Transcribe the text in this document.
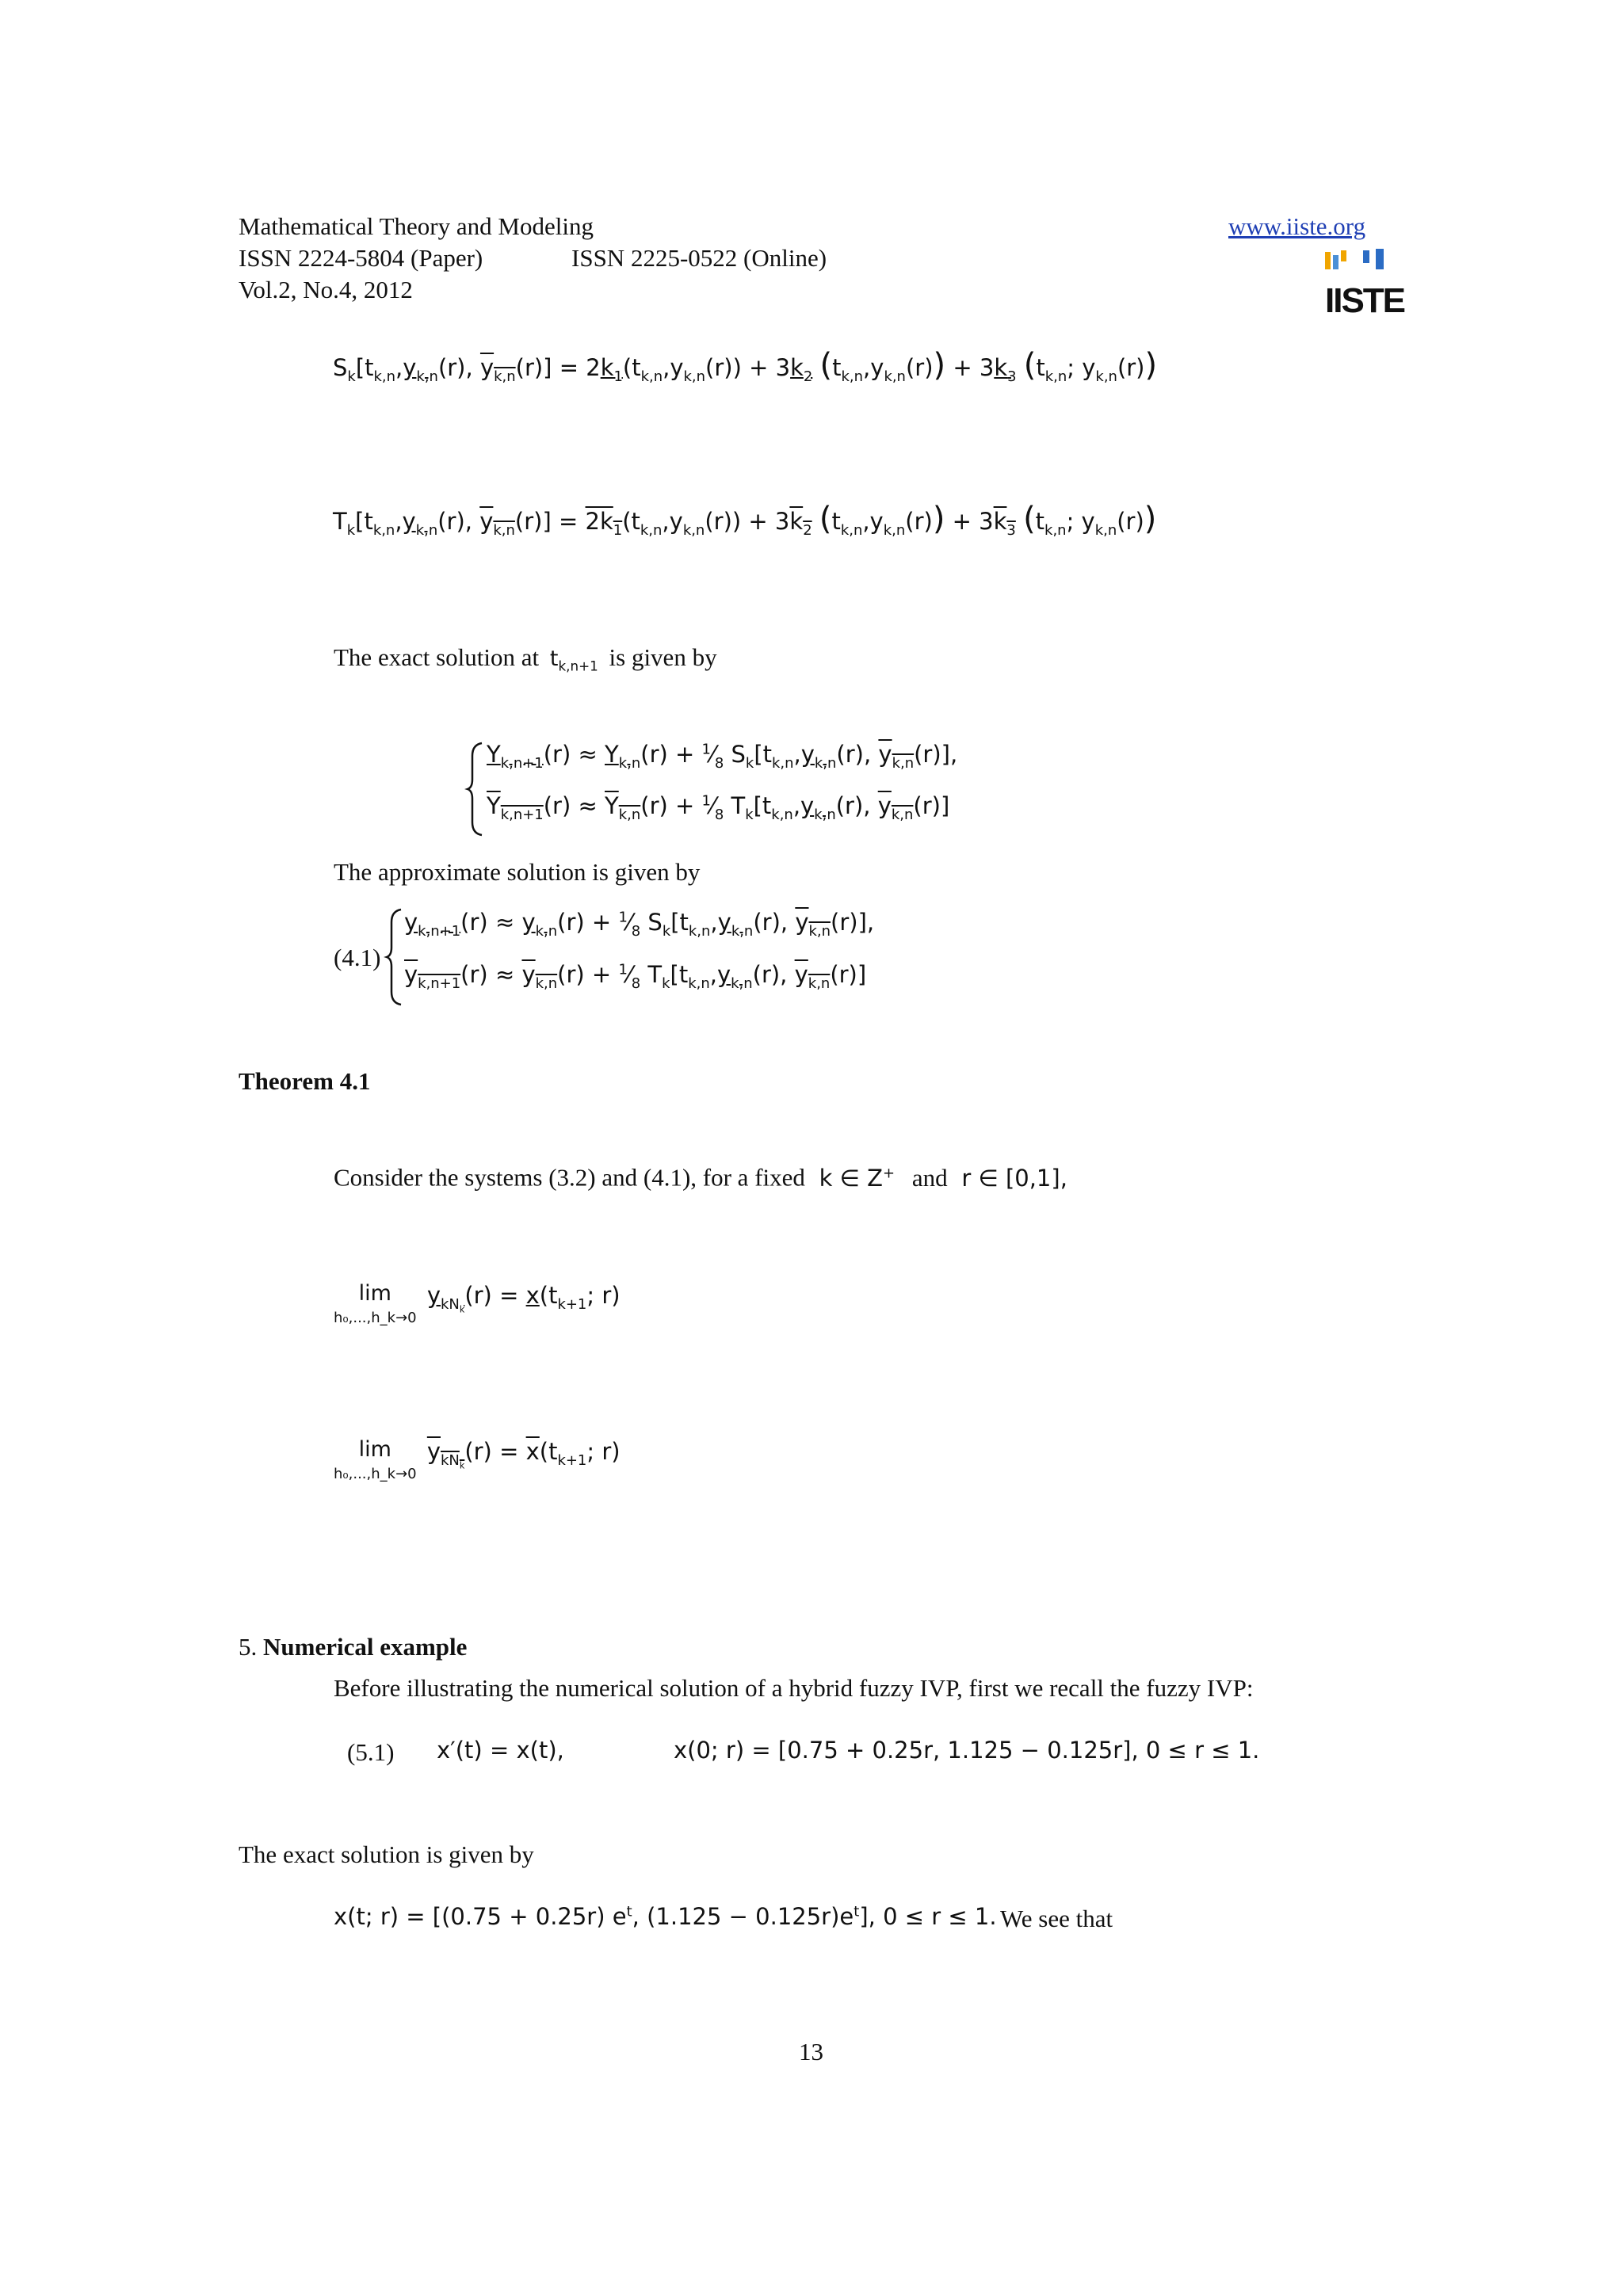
Mathematical Theory and Modeling
ISSN 2224-5804 (Paper)	ISSN 2225-0522 (Online)
Vol.2, No.4, 2012
www.iiste.org
IISTE
$S_k[t_{k,n},y_{k,n}(r)$, $y_{k,n}(r)] = 2k_1(t_{k,n},y_{k,n}(r)) + 3k_2$ $(t_{k,n},y_{k,n}(r)) + 3k_3$ ($t_{k,n}$; $y_{k,n}(r)$)
$T_k[t_{k,n},y_{k,n}(r)$, $y_{k,n}(r)] = 2k_1(t_{k,n},y_{k,n}(r)) + 3k_2$ $(t_{k,n},y_{k,n}(r)) + 3k_3$ ($t_{k,n}$; $y_{k,n}(r)$)
The exact solution at $t_{k,n+1}$ is given by
$Y_{k,n+1}(r) \approx Y_{k,n}(r)$ + $^1⁄_8$ $S_k[t_{k,n},y_{k,n}(r)$, $y_{k,n}(r)$],
$Y_{k,n+1}(r) \approx Y_{k,n}(r)$ + $^1⁄_8$ $T_k[t_{k,n},y_{k,n}(r)$, $y_{k,n}(r)$]
The approximate solution is given by
(4.1)
$y_{k,n+1}(r) \approx y_{k,n}(r)$ + $^1⁄_8$ $S_k[t_{k,n},y_{k,n}(r)$, $y_{k,n}(r)$],
$y_{k,n+1}(r) \approx y_{k,n}(r)$ + $^1⁄_8$ $T_k[t_{k,n},y_{k,n}(r)$, $y_{k,n}(r)$]
Theorem 4.1
Consider the systems (3.2) and (4.1), for a fixed k ∈ Z+ and r ∈ [0,1],
lim
h₀,...,h_k→0 $y_{kN_k}(r) = x(t_{k+1}$; r)
lim
h₀,...,h_k→0 $y_{kN_k}(r) = \overline{x}(t_{k+1}$; r)
5. Numerical example
Before illustrating the numerical solution of a hybrid fuzzy IVP, first we recall the fuzzy IVP:
(5.1) x′(t) = x(t),	x(0; r) = [0.75 + 0.25r, 1.125 − 0.125r], 0 ≤ r ≤ 1.
The exact solution is given by
x(t; r) = [(0.75 + 0.25r) $e^t$, $(1.125 - 0.125r)e^t$], 0 ≤ r ≤ 1. We see that
13
